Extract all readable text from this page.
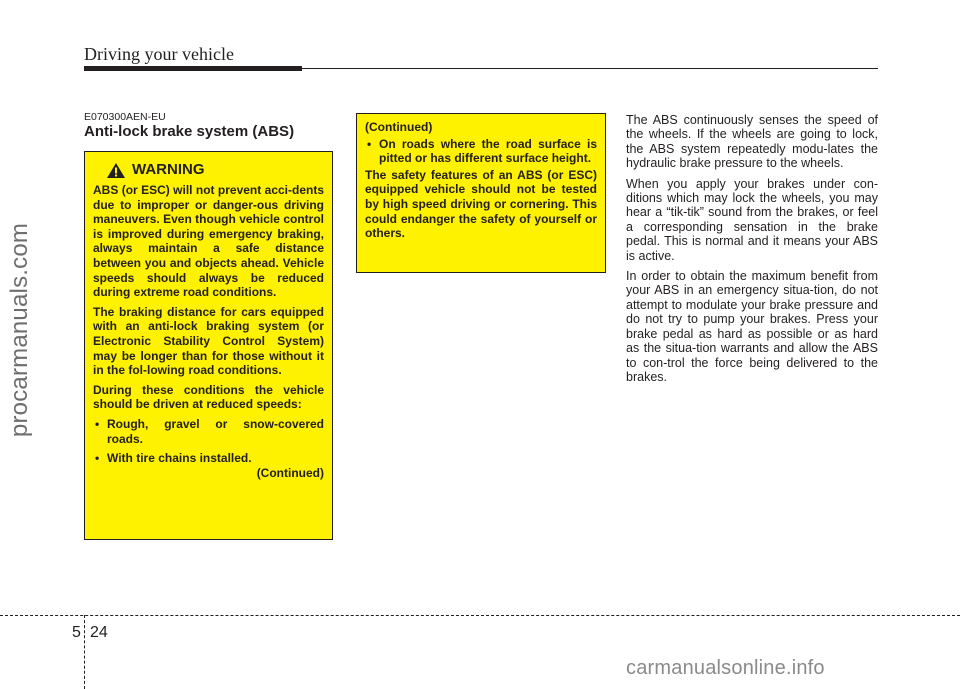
Driving your vehicle
procarmanuals.com
E070300AEN-EU
Anti-lock brake system (ABS)
WARNING
ABS (or ESC) will not prevent acci-dents due to improper or danger-ous driving maneuvers. Even though vehicle control is improved during emergency braking, always maintain a safe distance between you and objects ahead. Vehicle speeds should always be reduced during extreme road conditions.
The braking distance for cars equipped with an anti-lock braking system (or Electronic Stability Control System) may be longer than for those without it in the fol-lowing road conditions.
During these conditions the vehicle should be driven at reduced speeds:
• Rough, gravel or snow-covered roads.
• With tire chains installed.
(Continued)
(Continued)
• On roads where the road surface is pitted or has different surface height.
The safety features of an ABS (or ESC) equipped vehicle should not be tested by high speed driving or cornering. This could endanger the safety of yourself or others.

The ABS continuously senses the speed of the wheels. If the wheels are going to lock, the ABS system repeatedly modu-lates the hydraulic brake pressure to the wheels.

When you apply your brakes under con-ditions which may lock the wheels, you may hear a “tik-tik” sound from the brakes, or feel a corresponding sensation in the brake pedal. This is normal and it means your ABS is active.

In order to obtain the maximum benefit from your ABS in an emergency situa-tion, do not attempt to modulate your brake pressure and do not try to pump your brakes. Press your brake pedal as hard as possible or as hard as the situa-tion warrants and allow the ABS to con-trol the force being delivered to the brakes.

5 24
carmanualsonline.info
